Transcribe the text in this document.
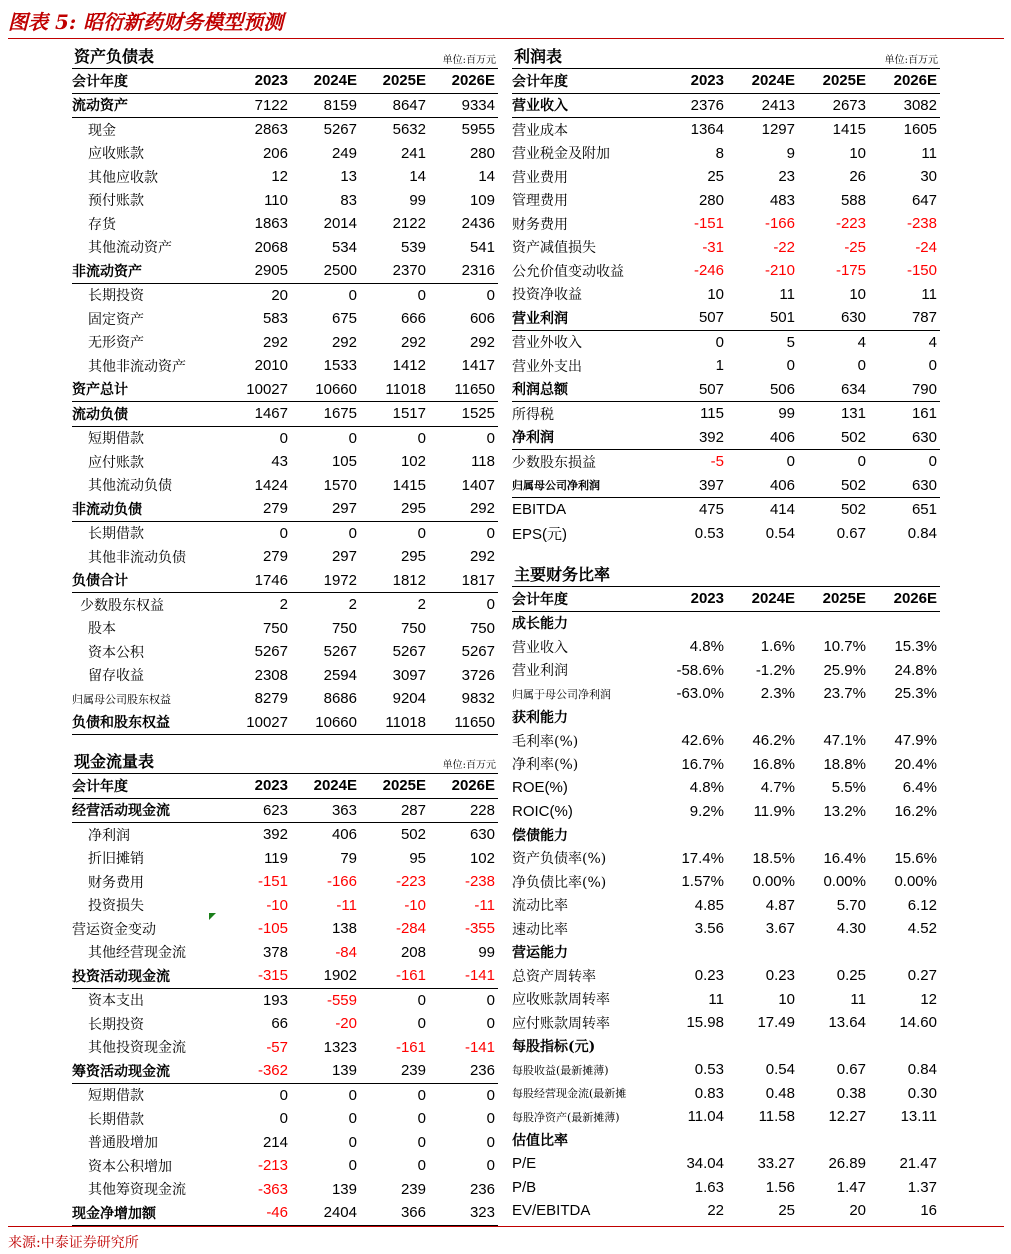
图表 5: 昭衍新药财务模型预测
资产负债表	单位:百万元
会计年度	2023	2024E	2025E	2026E
流动资产	7122	8159	8647	9334
现金	2863	5267	5632	5955
应收账款	206	249	241	280
其他应收款	12	13	14	14
预付账款	110	83	99	109
存货	1863	2014	2122	2436
其他流动资产	2068	534	539	541
非流动资产	2905	2500	2370	2316
长期投资	20	0	0	0
固定资产	583	675	666	606
无形资产	292	292	292	292
其他非流动资产	2010	1533	1412	1417
资产总计	10027	10660	11018	11650
流动负债	1467	1675	1517	1525
短期借款	0	0	0	0
应付账款	43	105	102	118
其他流动负债	1424	1570	1415	1407
非流动负债	279	297	295	292
长期借款	0	0	0	0
其他非流动负债	279	297	295	292
负债合计	1746	1972	1812	1817
少数股东权益	2	2	2	0
股本	750	750	750	750
资本公积	5267	5267	5267	5267
留存收益	2308	2594	3097	3726
归属母公司股东权益	8279	8686	9204	9832
负债和股东权益	10027	10660	11018	11650
现金流量表	单位:百万元
会计年度	2023	2024E	2025E	2026E
经营活动现金流	623	363	287	228
净利润	392	406	502	630
折旧摊销	119	79	95	102
财务费用	-151	-166	-223	-238
投资损失	-10	-11	-10	-11
营运资金变动	-105	138	-284	-355
其他经营现金流	378	-84	208	99
投资活动现金流	-315	1902	-161	-141
资本支出	193	-559	0	0
长期投资	66	-20	0	0
其他投资现金流	-57	1323	-161	-141
筹资活动现金流	-362	139	239	236
短期借款	0	0	0	0
长期借款	0	0	0	0
普通股增加	214	0	0	0
资本公积增加	-213	0	0	0
其他筹资现金流	-363	139	239	236
现金净增加额	-46	2404	366	323
利润表	单位:百万元
会计年度	2023	2024E	2025E	2026E
营业收入	2376	2413	2673	3082
营业成本	1364	1297	1415	1605
营业税金及附加	8	9	10	11
营业费用	25	23	26	30
管理费用	280	483	588	647
财务费用	-151	-166	-223	-238
资产减值损失	-31	-22	-25	-24
公允价值变动收益	-246	-210	-175	-150
投资净收益	10	11	10	11
营业利润	507	501	630	787
营业外收入	0	5	4	4
营业外支出	1	0	0	0
利润总额	507	506	634	790
所得税	115	99	131	161
净利润	392	406	502	630
少数股东损益	-5	0	0	0
归属母公司净利润	397	406	502	630
EBITDA	475	414	502	651
EPS(元)	0.53	0.54	0.67	0.84
主要财务比率
会计年度	2023	2024E	2025E	2026E
成长能力				
营业收入	4.8%	1.6%	10.7%	15.3%
营业利润	-58.6%	-1.2%	25.9%	24.8%
归属于母公司净利润	-63.0%	2.3%	23.7%	25.3%
获利能力				
毛利率(%)	42.6%	46.2%	47.1%	47.9%
净利率(%)	16.7%	16.8%	18.8%	20.4%
ROE(%)	4.8%	4.7%	5.5%	6.4%
ROIC(%)	9.2%	11.9%	13.2%	16.2%
偿债能力				
资产负债率(%)	17.4%	18.5%	16.4%	15.6%
净负债比率(%)	1.57%	0.00%	0.00%	0.00%
流动比率	4.85	4.87	5.70	6.12
速动比率	3.56	3.67	4.30	4.52
营运能力				
总资产周转率	0.23	0.23	0.25	0.27
应收账款周转率	11	10	11	12
应付账款周转率	15.98	17.49	13.64	14.60
每股指标(元)				
每股收益(最新摊薄)	0.53	0.54	0.67	0.84
每股经营现金流(最新摊	0.83	0.48	0.38	0.30
每股净资产(最新摊薄)	11.04	11.58	12.27	13.11
估值比率				
P/E	34.04	33.27	26.89	21.47
P/B	1.63	1.56	1.47	1.37
EV/EBITDA	22	25	20	16
来源:中泰证券研究所
